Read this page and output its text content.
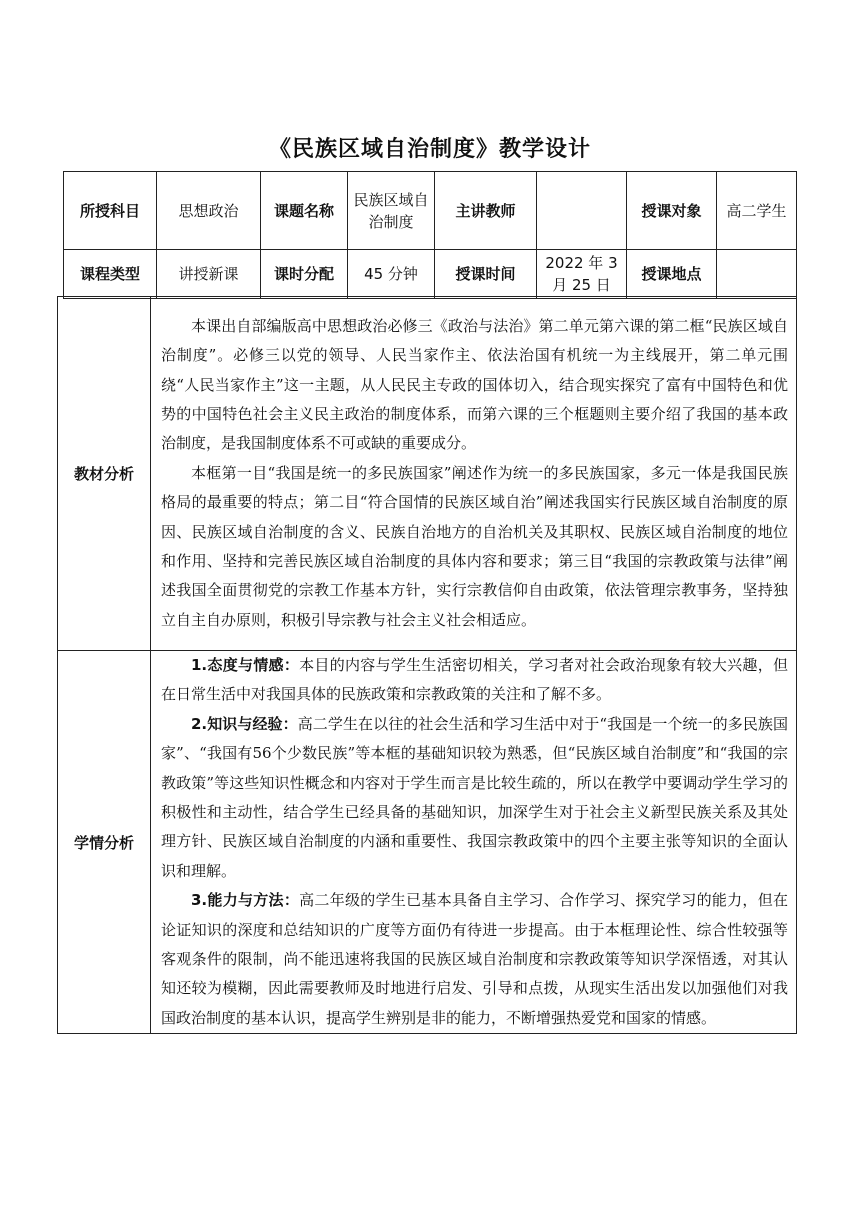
《民族区域自治制度》教学设计
所授科目	思想政治	课题名称	民族区域自治制度	主讲教师		授课对象	高二学生
课程类型	讲授新课	课时分配	45 分钟	授课时间	2022 年 3 月 25 日	授课地点	
教材分析	本课出自部编版高中思想政治必修三《政治与法治》第二单元第六课的第二框“民族区域自治制度”。必修三以党的领导、人民当家作主、依法治国有机统一为主线展开，第二单元围绕“人民当家作主”这一主题，从人民民主专政的国体切入，结合现实探究了富有中国特色和优势的中国特色社会主义民主政治的制度体系，而第六课的三个框题则主要介绍了我国的基本政治制度，是我国制度体系不可或缺的重要成分。

本框第一目“我国是统一的多民族国家”阐述作为统一的多民族国家，多元一体是我国民族格局的最重要的特点；第二目“符合国情的民族区域自治”阐述我国实行民族区域自治制度的原因、民族区域自治制度的含义、民族自治地方的自治机关及其职权、民族区域自治制度的地位和作用、坚持和完善民族区域自治制度的具体内容和要求；第三目“我国的宗教政策与法律”阐述我国全面贯彻党的宗教工作基本方针，实行宗教信仰自由政策，依法管理宗教事务，坚持独立自主自办原则，积极引导宗教与社会主义社会相适应。

学情分析	1.态度与情感：本目的内容与学生生活密切相关，学习者对社会政治现象有较大兴趣，但在日常生活中对我国具体的民族政策和宗教政策的关注和了解不多。

2.知识与经验：高二学生在以往的社会生活和学习生活中对于“我国是一个统一的多民族国家”、“我国有56个少数民族”等本框的基础知识较为熟悉，但“民族区域自治制度”和“我国的宗教政策”等这些知识性概念和内容对于学生而言是比较生疏的，所以在教学中要调动学生学习的积极性和主动性，结合学生已经具备的基础知识，加深学生对于社会主义新型民族关系及其处理方针、民族区域自治制度的内涵和重要性、我国宗教政策中的四个主要主张等知识的全面认识和理解。

3.能力与方法：高二年级的学生已基本具备自主学习、合作学习、探究学习的能力，但在论证知识的深度和总结知识的广度等方面仍有待进一步提高。由于本框理论性、综合性较强等客观条件的限制，尚不能迅速将我国的民族区域自治制度和宗教政策等知识学深悟透，对其认知还较为模糊，因此需要教师及时地进行启发、引导和点拨，从现实生活出发以加强他们对我国政治制度的基本认识，提高学生辨别是非的能力，不断增强热爱党和国家的情感。
